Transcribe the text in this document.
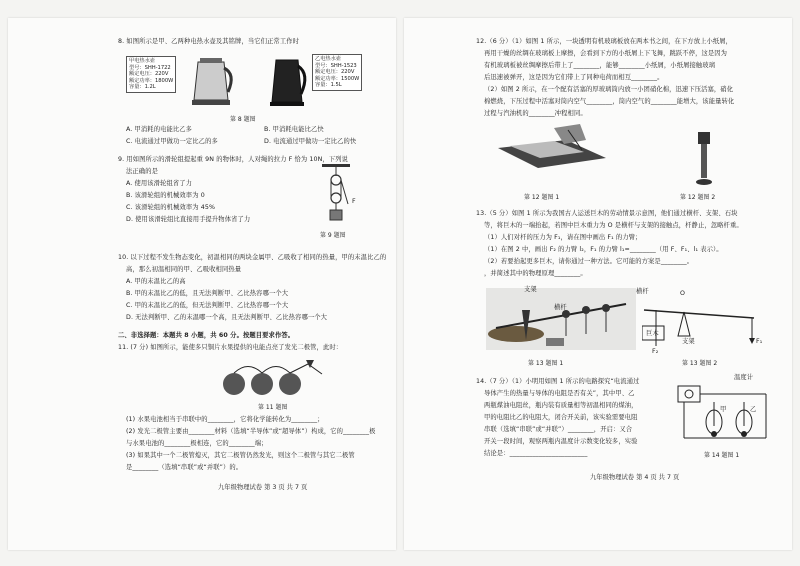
8. 如图所示是甲、乙两种电热水壶及其铭牌，当它们正常工作时
甲电热水壶
型号：SHH-1722
额定电压：220V
额定功率：1800W
容量：1.2L
乙电热水壶
型号：SHH-1523
额定电压：220V
额定功率：1500W
容量：1.5L
第 8 题图
A. 甲消耗的电能比乙多	B. 甲消耗电能比乙快
C. 电流通过甲做功一定比乙的多	D. 电流通过甲做功一定比乙的快
9. 用如图所示的滑轮组提起重 9N 的物体时，人对绳的拉力 F 恰为 10N，下列说
法正确的是
A. 使用该滑轮组省了力
B. 该滑轮组的机械效率为 0
C. 该滑轮组的机械效率为 45%
D. 使用该滑轮组比直接用手提升物体省了力
F
第 9 题图
10. 以下过程不发生物态变化，初温相同的两块金属甲、乙吸收了相同的热量，甲的末温比乙的
高，那么初温相同的甲、乙吸收相同热量
A. 甲的末温比乙的高
B. 甲的末温比乙的低，且无法判断甲、乙比热容哪一个大
C. 甲的末温比乙的低，但无法判断甲、乙比热容哪一个大
D. 无法判断甲、乙的末温哪一个高，且无法判断甲、乙比热容哪一个大
二、非选择题：本题共 8 小题，共 60 分。按题目要求作答。
11. (7 分) 如图所示，能使多只铜片水果提供的电能点亮了发光二极管，此时：
第 11 题图
(1) 水果电池相当于串联中的________，它将化学能转化为________；
(2) 发光二极管主要由________材料（选填“半导体”或“超导体”）构成，它的________极
与水果电池的________极相连，它的________端；
(3) 如果其中一个二极管熄灭，其它二极管仍然发光，则这个二极管与其它二极管
是________（选填“串联”或“并联”）的。
九年级物理试卷 第 3 页 共 7 页
12.（6 分）（1）如图 1 所示，一块透明有机玻璃板放在两本书之间，在下方放上小纸屑，
再用干燥的丝绸在玻璃板上摩擦，会看到下方的小纸屑上下飞舞，跳跃不停，这是因为
有机玻璃板被丝绸摩擦后带上了________，能够________小纸屑，小纸屑接触玻璃
后迅速被弹开，这是因为它们带上了同种电荷而相互________。
（2）如图 2 所示，在一个配有活塞的厚玻璃筒内放一小团硝化棉，迅速下压活塞，硝化
棉燃烧，下压过程中活塞对筒内空气________，筒内空气的________能增大，该能量转化
过程与汽油机的________冲程相同。
第 12 题图 1	第 12 题图 2
13.（5 分）如图 1 所示为我国古人运送巨木的劳动情景示意图，他们通过横杆、支架、石块
等，将巨木的一端抬起，若图中巨木重力为 O 是横杆与支架的接触点，杆静止，忽略杆重。
（1）人们对杆的压力为 F₁，请在图中画出 F₁ 的力臂；
（1）在图 2 中，画出 F₂ 的力臂 l₂，F₁ 的力臂 l₁=________（用 F、F₁、l₁ 表示）。
（2）若要抬起更多巨木，请你通过一种方法。它可能的方案是________。
，并简述其中的物理原理________。
支架
横杆
第 13 题图 1
横杆	O
巨木
支架	F₁
F₂
第 13 题图 2
14.（7 分）（1）小明用如图 1 所示的电路探究“电流通过
导体产生的热量与导体的电阻是否有关”，其中甲、乙
两瓶煤油电阻丝，瓶内装有质量相等初温相同的煤油，
甲的电阻比乙的电阻大，闭合开关前，该实验需要电阻
串联（选填“串联”或“并联”）________，开启：又合
开关一段时间，观察两瓶内温度计示数变化较多，实验
结论是：________________________
温度计
甲	乙
第 14 题图 1
九年级物理试卷 第 4 页 共 7 页
